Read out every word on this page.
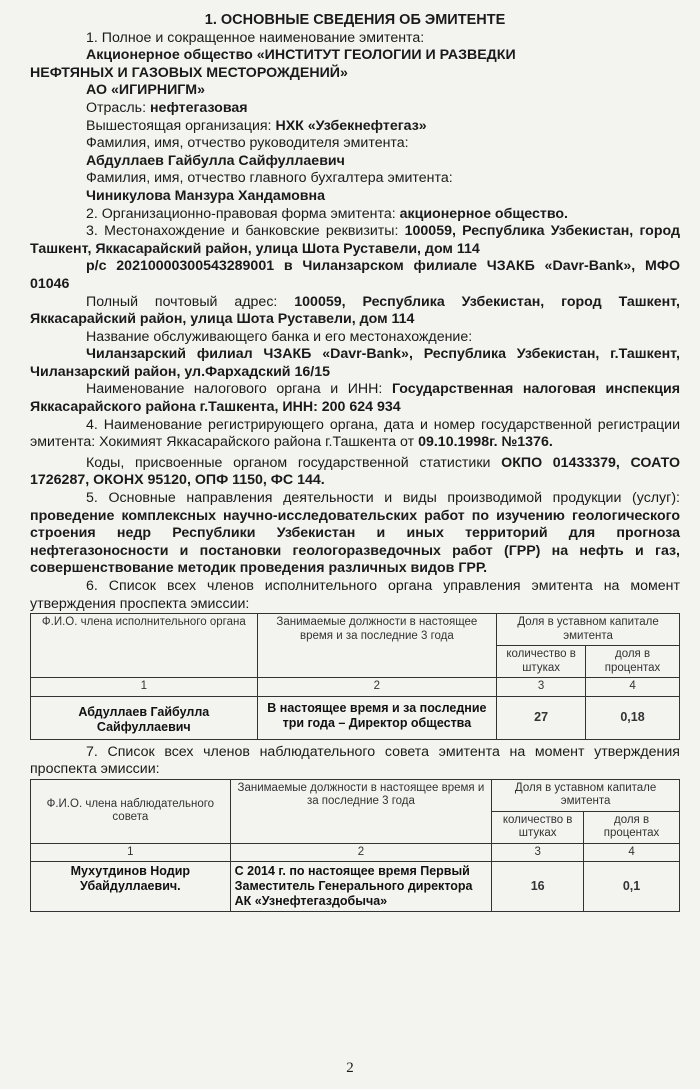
1. ОСНОВНЫЕ СВЕДЕНИЯ ОБ ЭМИТЕНТЕ
1. Полное и сокращенное наименование эмитента:
Акционерное общество «ИНСТИТУТ ГЕОЛОГИИ И РАЗВЕДКИ
НЕФТЯНЫХ И ГАЗОВЫХ МЕСТОРОЖДЕНИЙ»
АО «ИГИРНИГМ»
Отрасль: нефтегазовая
Вышестоящая организация: НХК «Узбекнефтегаз»
Фамилия, имя, отчество руководителя эмитента:
Абдуллаев Гайбулла Сайфуллаевич
Фамилия, имя, отчество главного бухгалтера эмитента:
Чиникулова Манзура Хандамовна
2. Организационно-правовая форма эмитента: акционерное общество.
3. Местонахождение и банковские реквизиты: 100059, Республика Узбекистан, город Ташкент, Яккасарайский район, улица Шота Руставели, дом 114
р/с 20210000300543289001 в Чиланзарском филиале ЧЗАКБ «Davr-Bank», МФО 01046
Полный почтовый адрес: 100059, Республика Узбекистан, город Ташкент, Яккасарайский район, улица Шота Руставели, дом 114
Название обслуживающего банка и его местонахождение:
Чиланзарский филиал ЧЗАКБ «Davr-Bank», Республика Узбекистан, г.Ташкент, Чиланзарский район, ул.Фархадский 16/15
Наименование налогового органа и ИНН: Государственная налоговая инспекция Яккасарайского района г.Ташкента, ИНН: 200 624 934
4. Наименование регистрирующего органа, дата и номер государственной регистрации эмитента: Хокимият Яккасарайского района г.Ташкента от 09.10.1998г. №1376.
Коды, присвоенные органом государственной статистики ОКПО 01433379, СОАТО 1726287, ОКОНХ 95120, ОПФ 1150, ФС 144.
5. Основные направления деятельности и виды производимой продукции (услуг): проведение комплексных научно-исследовательских работ по изучению геологического строения недр Республики Узбекистан и иных территорий для прогноза нефтегазоносности и постановки геологоразведочных работ (ГРР) на нефть и газ, совершенствование методик проведения различных видов ГРР.
6. Список всех членов исполнительного органа управления эмитента на момент утверждения проспекта эмиссии:
Ф.И.О. члена исполнительного органа	Занимаемые должности в настоящее время и за последние 3 года	Доля в уставном капитале эмитента	
		количество в штуках	доля в процентах
1	2	3	4
Абдуллаев Гайбулла Сайфуллаевич	В настоящее время и за последние три года – Директор общества	27	0,18
7. Список всех членов наблюдательного совета эмитента на момент утверждения проспекта эмиссии:
Ф.И.О. члена наблюдательного совета	Занимаемые должности в настоящее время и за последние 3 года	Доля в уставном капитале эмитента	
		количество в штуках	доля в процентах
1	2	3	4
Мухутдинов Нодир Убайдуллаевич.	С 2014 г. по настоящее время Первый Заместитель Генерального директора АК «Узнефтегаздобыча»	16	0,1
2
